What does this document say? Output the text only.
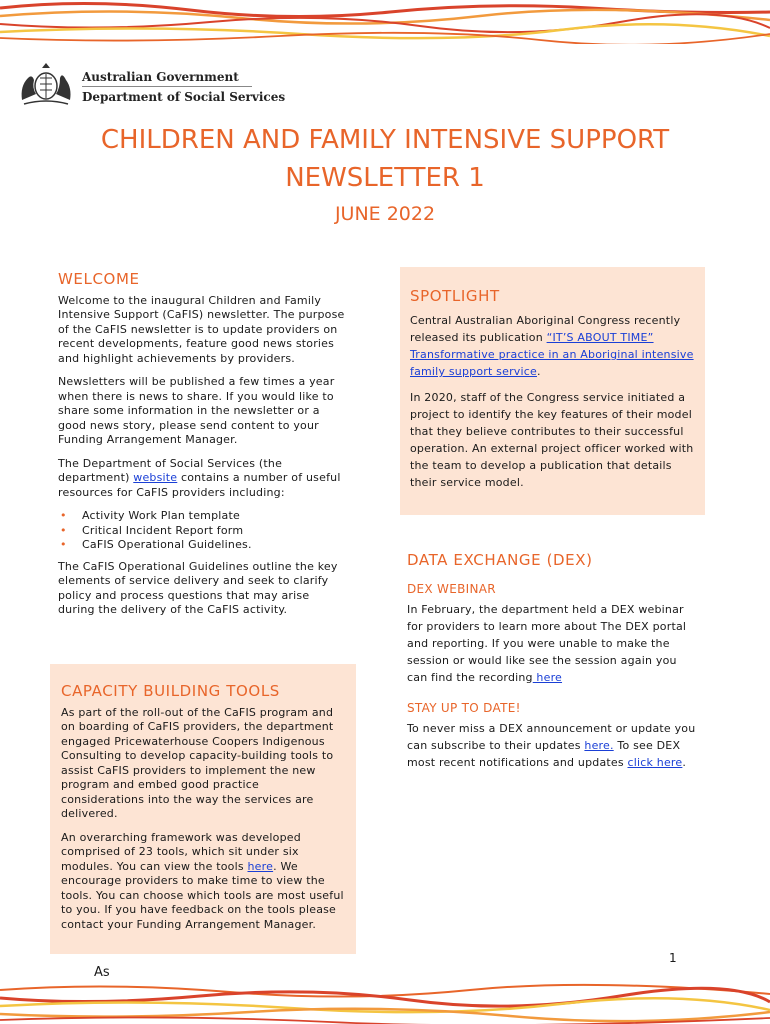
Australian Government
Department of Social Services
CHILDREN AND FAMILY INTENSIVE SUPPORT
NEWSLETTER 1
JUNE 2022
WELCOME

Welcome to the inaugural Children and Family Intensive Support (CaFIS) newsletter. The purpose of the CaFIS newsletter is to update providers on recent developments, feature good news stories and highlight achievements by providers.

Newsletters will be published a few times a year when there is news to share. If you would like to share some information in the newsletter or a good news story, please send content to your Funding Arrangement Manager.

The Department of Social Services (the department) website contains a number of useful resources for CaFIS providers including:

• Activity Work Plan template
• Critical Incident Report form
• CaFIS Operational Guidelines.

The CaFIS Operational Guidelines outline the key elements of service delivery and seek to clarify policy and process questions that may arise during the delivery of the CaFIS activity.

CAPACITY BUILDING TOOLS

As part of the roll-out of the CaFIS program and on boarding of CaFIS providers, the department engaged Pricewaterhouse Coopers Indigenous Consulting to develop capacity-building tools to assist CaFIS providers to implement the new program and embed good practice considerations into the way the services are delivered.

An overarching framework was developed comprised of 23 tools, which sit under six modules. You can view the tools here. We encourage providers to make time to view the tools. You can choose which tools are most useful to you. If you have feedback on the tools please contact your Funding Arrangement Manager.

SPOTLIGHT

Central Australian Aboriginal Congress recently released its publication “IT’S ABOUT TIME” Transformative practice in an Aboriginal intensive family support service.

In 2020, staff of the Congress service initiated a project to identify the key features of their model that they believe contributes to their successful operation. An external project officer worked with the team to develop a publication that details their service model.

DATA EXCHANGE (DEX)
DEX WEBINAR

In February, the department held a DEX webinar for providers to learn more about The DEX portal and reporting. If you were unable to make the session or would like see the session again you can find the recording here

STAY UP TO DATE!

To never miss a DEX announcement or update you can subscribe to their updates here. To see DEX most recent notifications and updates click here.

1
As
